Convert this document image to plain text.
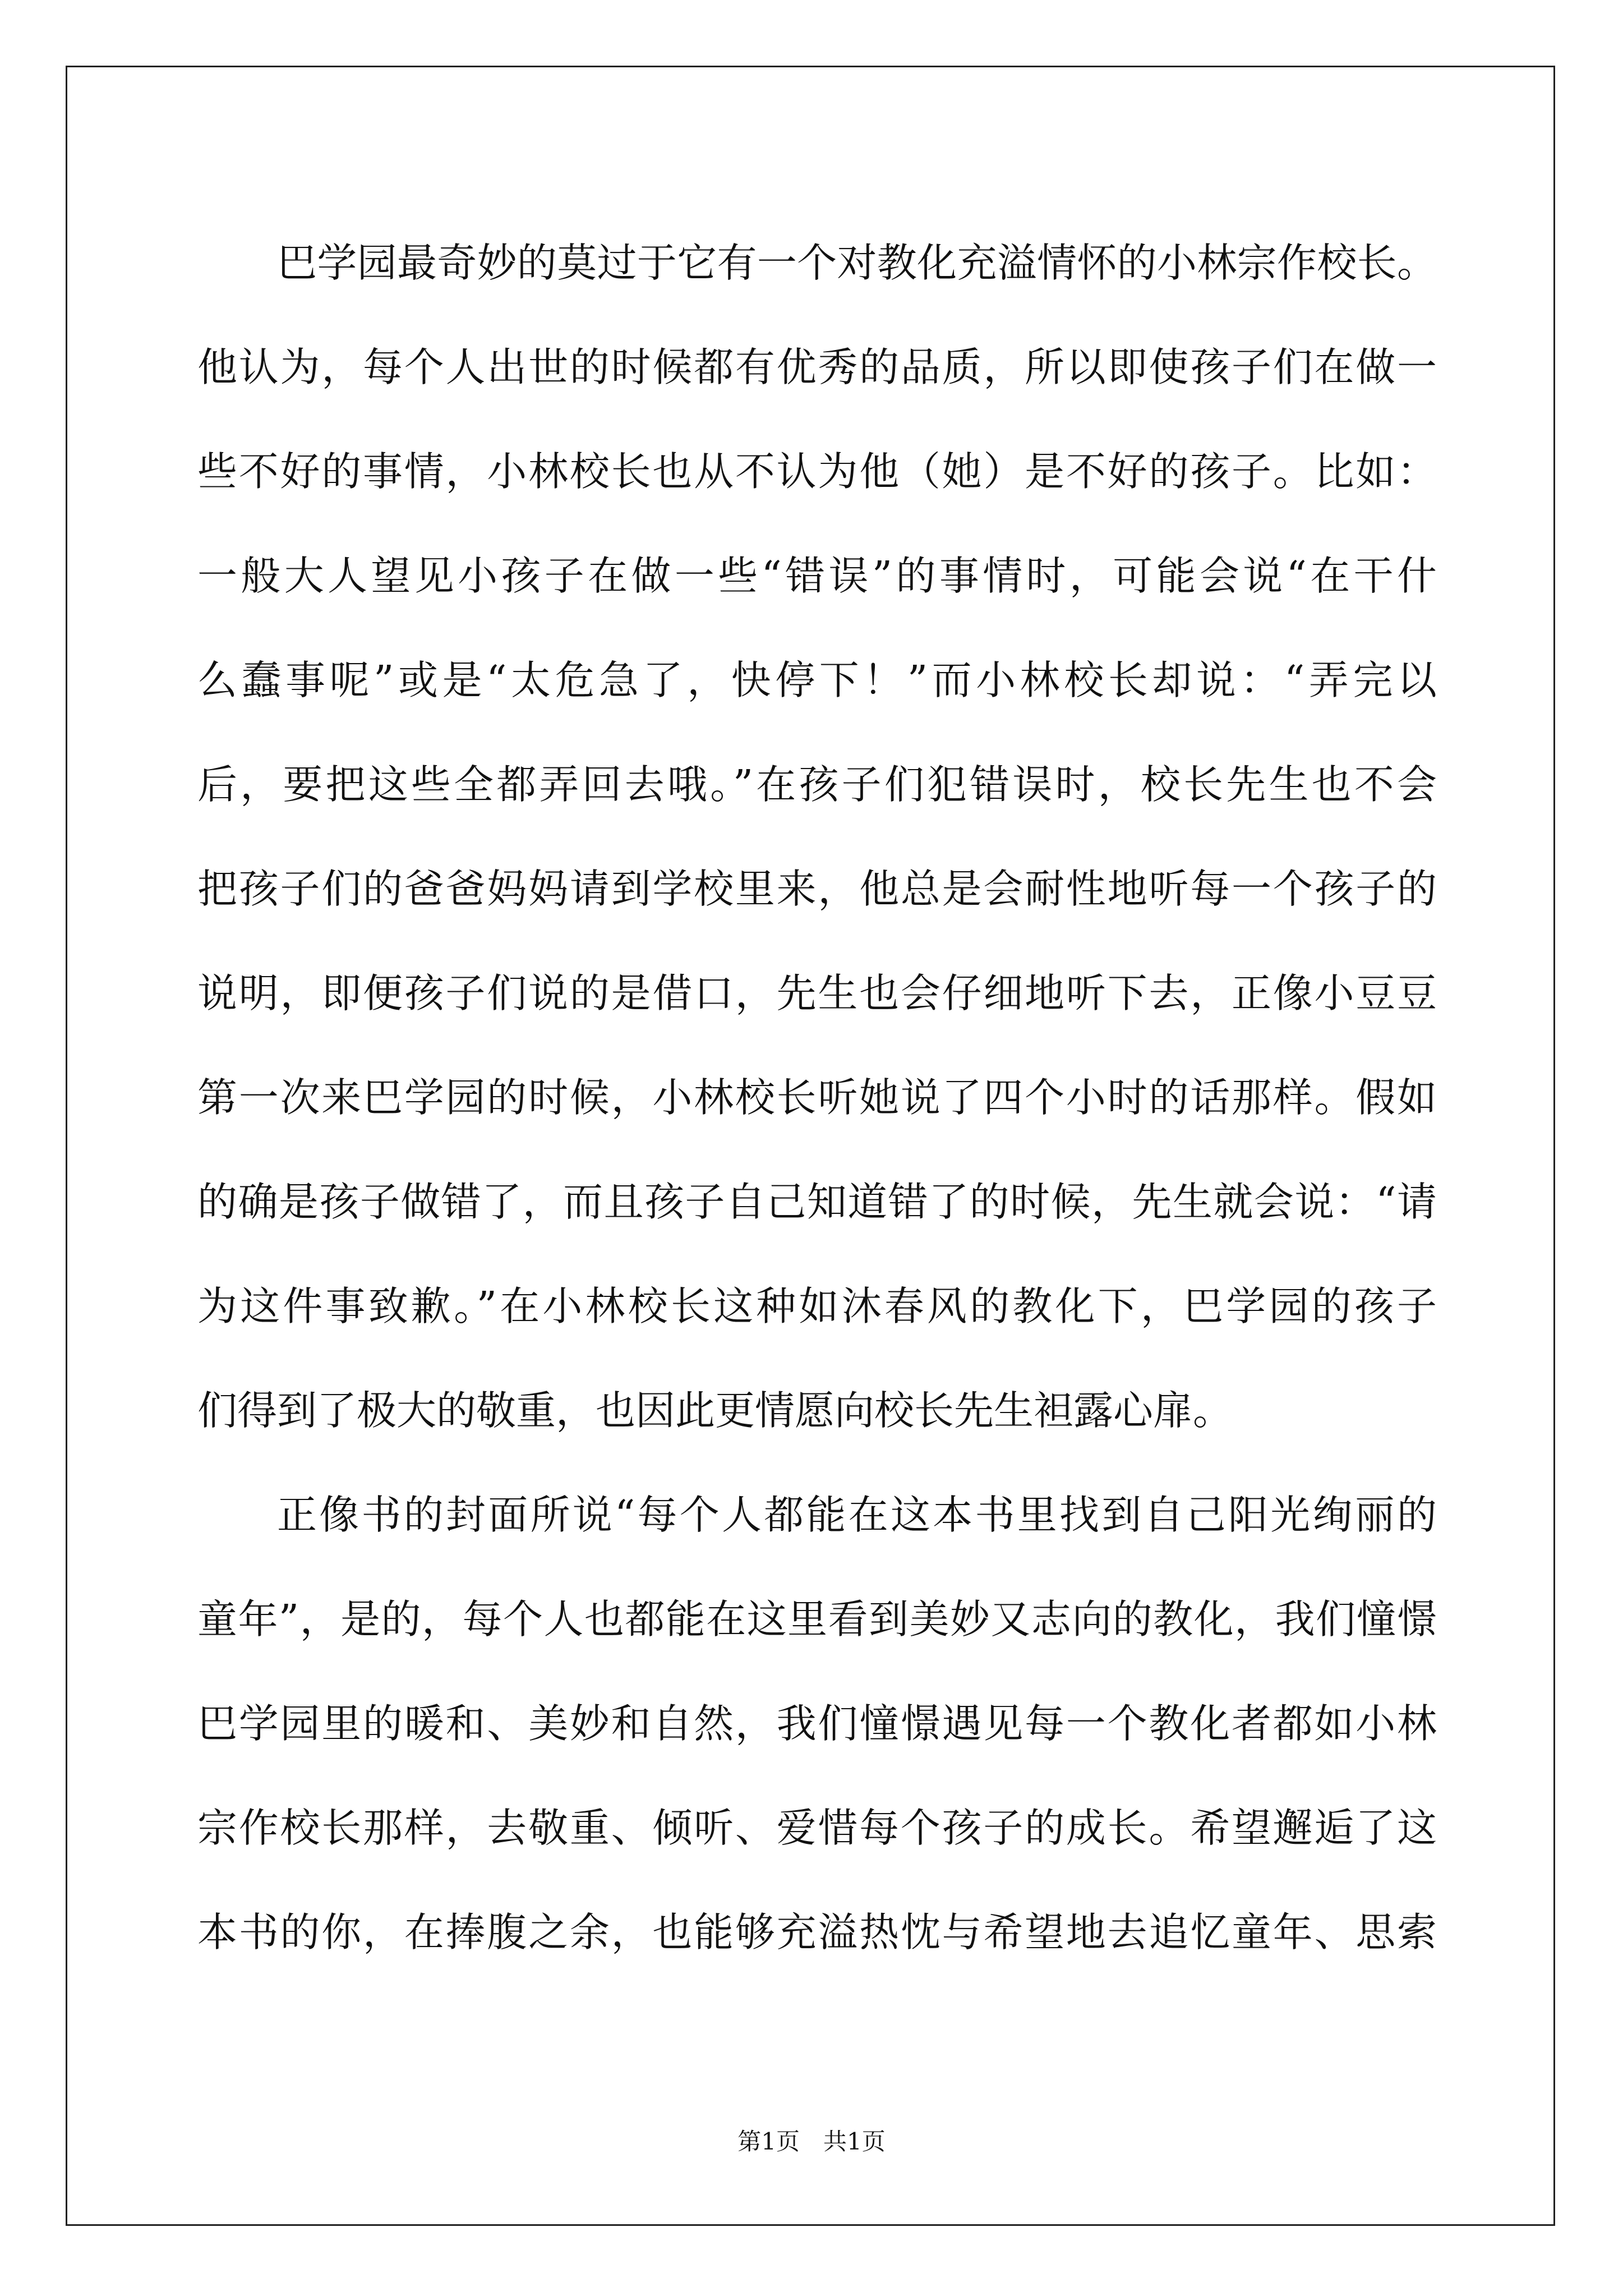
巴学园最奇妙的莫过于它有一个对教化充溢情怀的小林宗作校长。
他认为，每个人出世的时候都有优秀的品质，所以即使孩子们在做一
些不好的事情，小林校长也从不认为他（她）是不好的孩子。比如：
一般大人望见小孩子在做一些“错误”的事情时，可能会说“在干什
么蠢事呢”或是“太危急了，快停下！”而小林校长却说：“弄完以
后，要把这些全都弄回去哦。”在孩子们犯错误时，校长先生也不会
把孩子们的爸爸妈妈请到学校里来，他总是会耐性地听每一个孩子的
说明，即便孩子们说的是借口，先生也会仔细地听下去，正像小豆豆
第一次来巴学园的时候，小林校长听她说了四个小时的话那样。假如
的确是孩子做错了，而且孩子自己知道错了的时候，先生就会说：“请
为这件事致歉。”在小林校长这种如沐春风的教化下，巴学园的孩子
们得到了极大的敬重，也因此更情愿向校长先生袒露心扉。
正像书的封面所说“每个人都能在这本书里找到自己阳光绚丽的
童年”，是的，每个人也都能在这里看到美妙又志向的教化，我们憧憬
巴学园里的暖和、美妙和自然，我们憧憬遇见每一个教化者都如小林
宗作校长那样，去敬重、倾听、爱惜每个孩子的成长。希望邂逅了这
本书的你，在捧腹之余，也能够充溢热忱与希望地去追忆童年、思索
第1页　共1页
